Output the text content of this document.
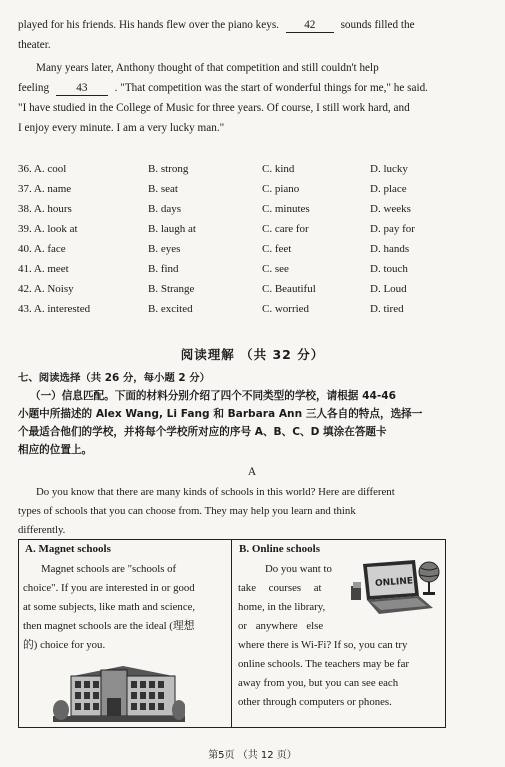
played for his friends. His hands flew over the piano keys. 42 sounds filled the
theater.
Many years later, Anthony thought of that competition and still couldn't help
feeling 43 . "That competition was the start of wonderful things for me," he said.
"I have studied in the College of Music for three years. Of course, I still work hard, and
I enjoy every minute. I am a very lucky man."
36. A. cool	B. strong	C. kind	D. lucky
37. A. name	B. seat	C. piano	D. place
38. A. hours	B. days	C. minutes	D. weeks
39. A. look at	B. laugh at	C. care for	D. pay for
40. A. face	B. eyes	C. feet	D. hands
41. A. meet	B. find	C. see	D. touch
42. A. Noisy	B. Strange	C. Beautiful	D. Loud
43. A. interested	B. excited	C. worried	D. tired
阅读理解 （共 32 分）
七、阅读选择（共 26 分，每小题 2 分）
（一）信息匹配。下面的材料分别介绍了四个不同类型的学校，请根据 44-46
小题中所描述的 Alex Wang, Li Fang 和 Barbara Ann 三人各自的特点，选择一
个最适合他们的学校，并将每个学校所对应的序号 A、B、C、D 填涂在答题卡
相应的位置上。
A
Do you know that there are many kinds of schools in this world? Here are different
types of schools that you can choose from. They may help you learn and think
differently.
A. Magnet schools
Magnet schools are "schools of
choice". If you are interested in or good
at some subjects, like math and science,
then magnet schools are the ideal (理想
的) choice for you.
B. Online schools
Do you want to
take courses at
home, in the library,
or anywhere else
where there is Wi-Fi? If so, you can try
online schools. The teachers may be far
away from you, but you can see each
other through computers or phones.
ONLINE
第5页 （共 12 页）
